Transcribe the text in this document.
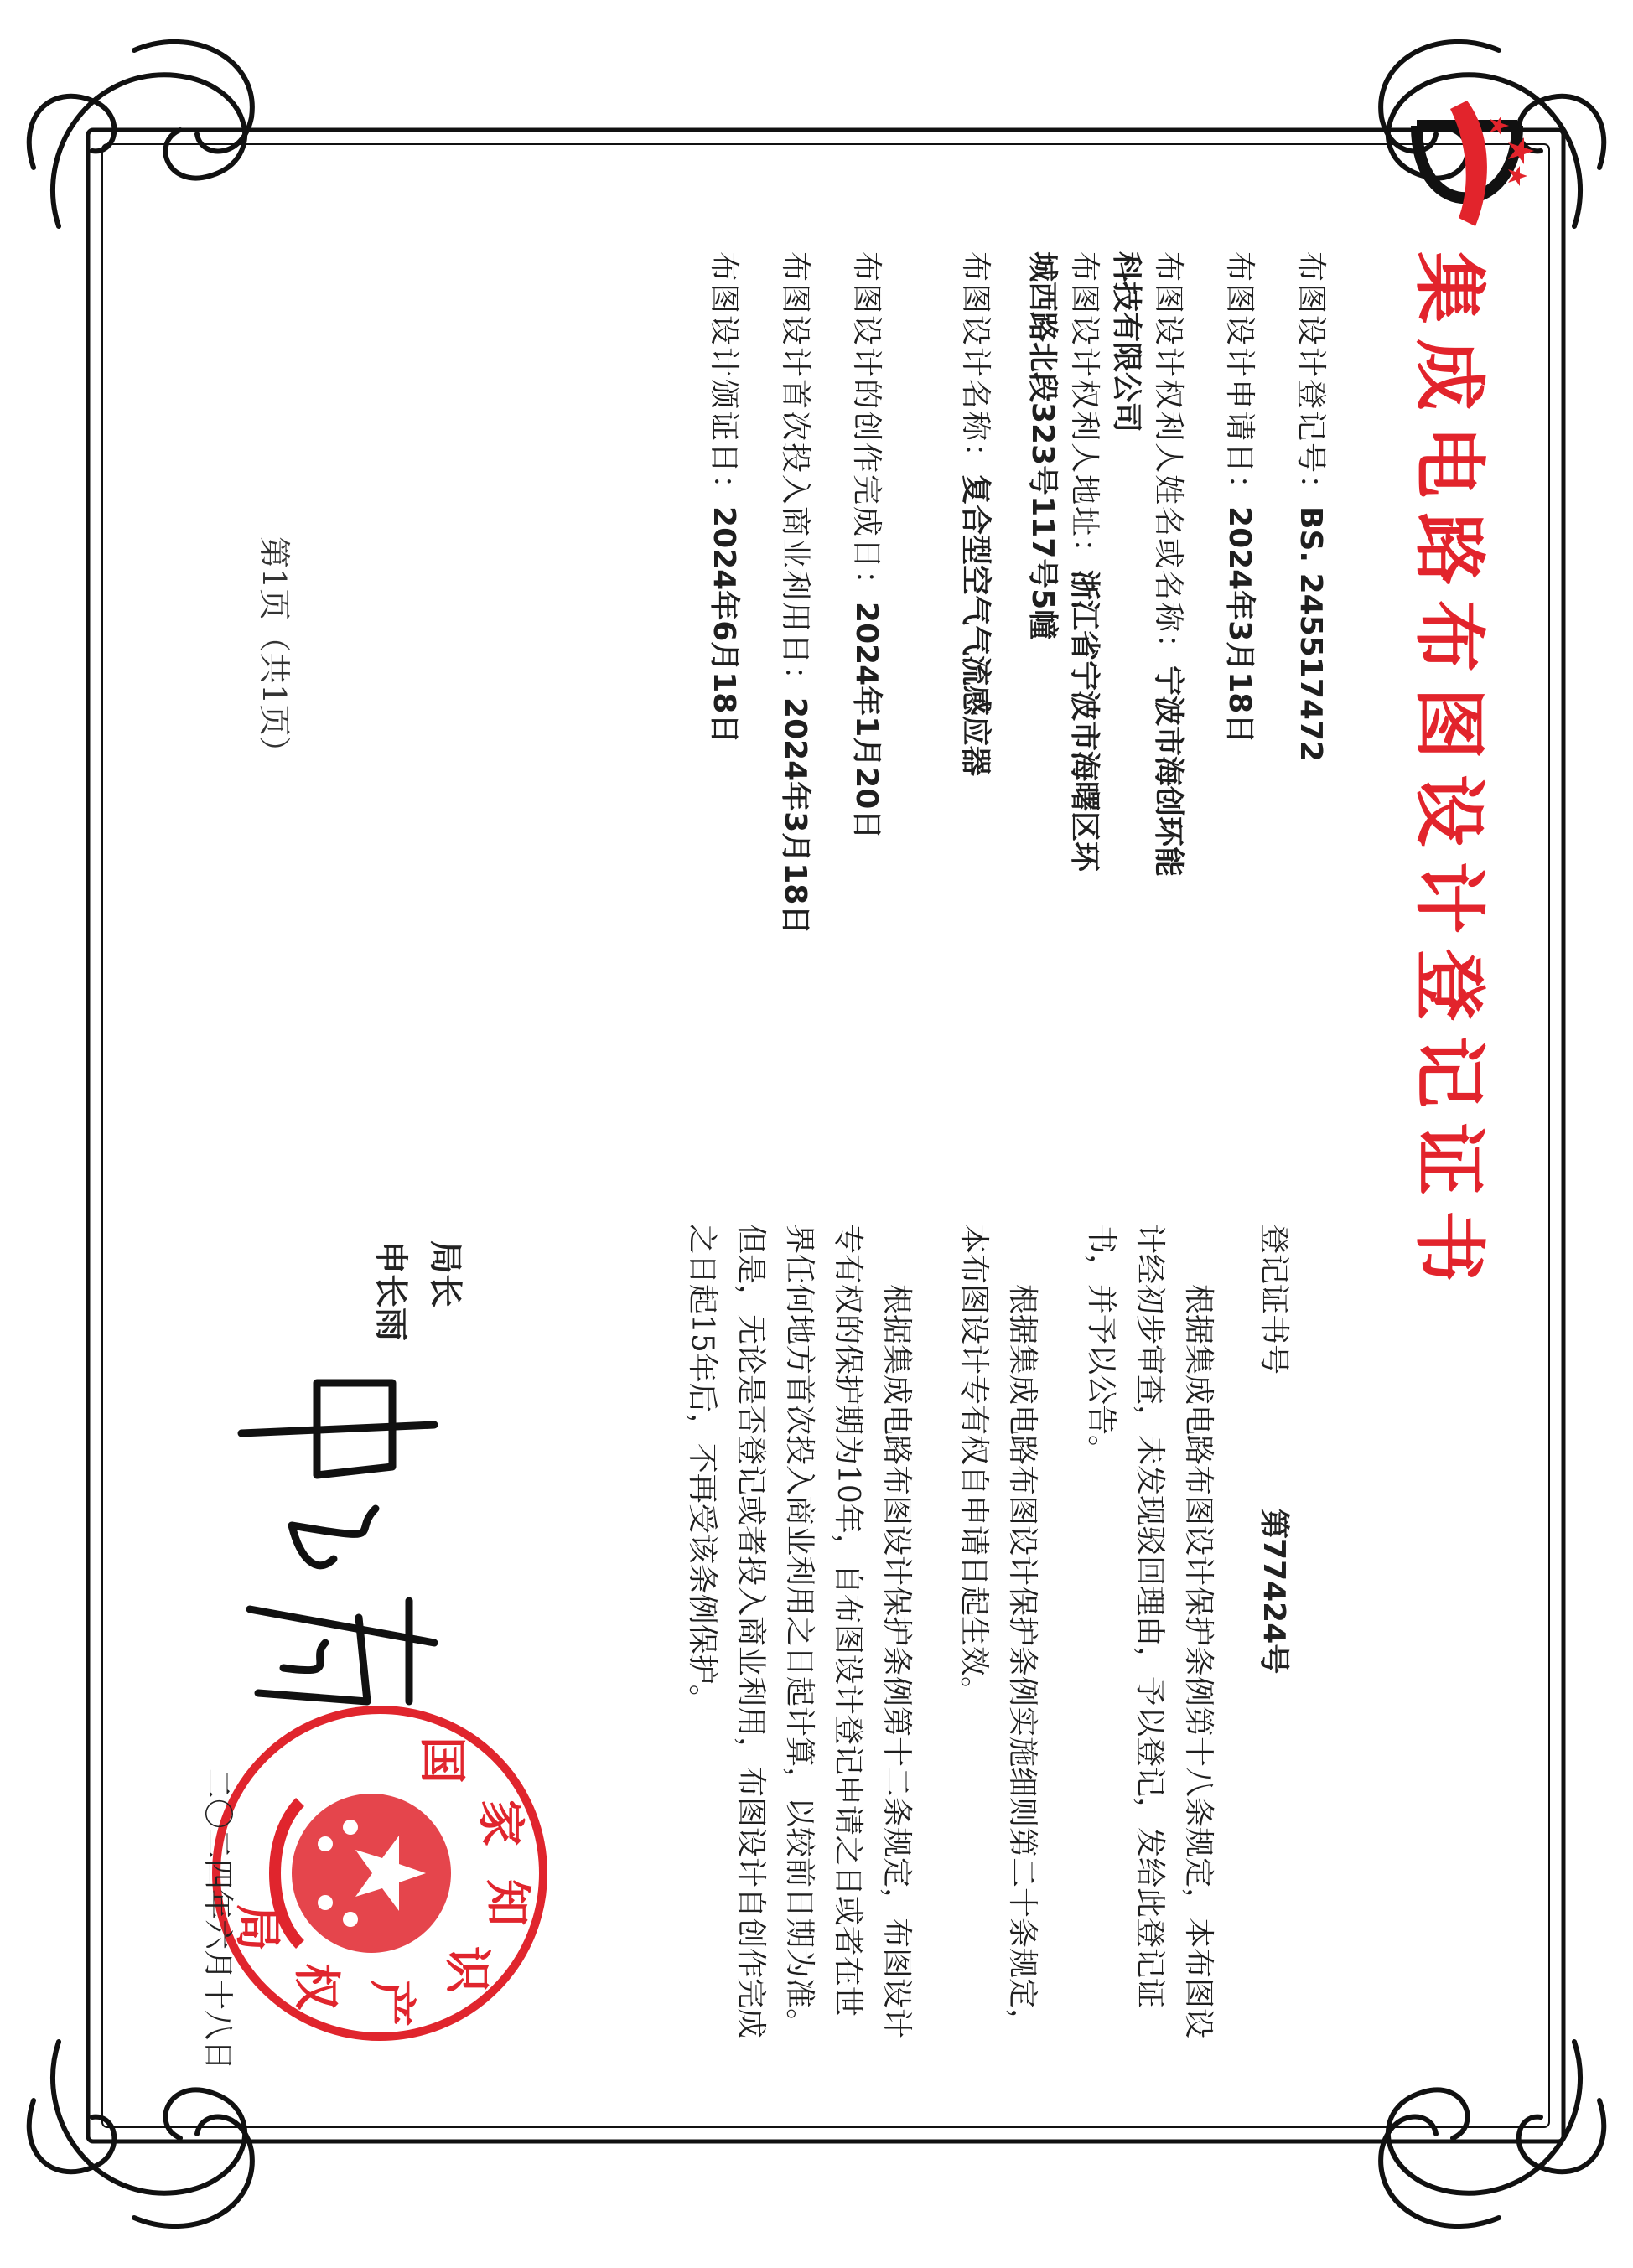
集成电路布图设计登记证书
布图设计登记号：BS. 245517472
布图设计申请日：2024年3月18日
布图设计权利人姓名或名称：宁波市海创环能科技有限公司
布图设计权利人地址：浙江省宁波市海曙区环城西路北段323号117号5幢
布图设计名称：复合型空气气流感应器
布图设计的创作完成日：2024年1月20日
布图设计首次投入商业利用日：2024年3月18日
布图设计颁证日：2024年6月18日
第1页（共1页）
登记证书号第77424号
根据集成电路布图设计保护条例第十八条规定，本布图设计经初步审查，未发现驳回理由，予以登记，发给此登记证书，并予以公告。
根据集成电路布图设计保护条例实施细则第二十条规定，本布图设计专有权自申请日起生效。
根据集成电路布图设计保护条例第十二条规定，布图设计专有权的保护期为10年，自布图设计登记申请之日或者在世界任何地方首次投入商业利用之日起计算，以较前日期为准。但是，无论是否登记或者投入商业利用，布图设计自创作完成之日起15年后，不再受该条例保护。
局长
申长雨
国
家
知
识
产
权
局
二〇二四年六月十八日
